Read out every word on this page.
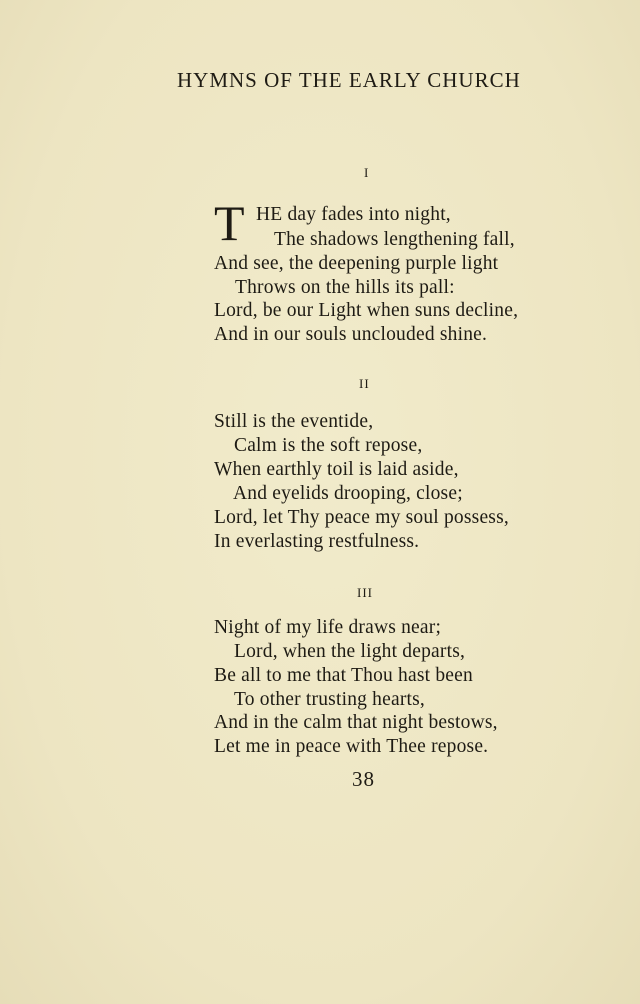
HYMNS OF THE EARLY CHURCH
I
T HE day fades into night,
The shadows lengthening fall,
And see, the deepening purple light
Throws on the hills its pall:
Lord, be our Light when suns decline,
And in our souls unclouded shine.
II
Still is the eventide,
Calm is the soft repose,
When earthly toil is laid aside,
And eyelids drooping, close;
Lord, let Thy peace my soul possess,
In everlasting restfulness.
III
Night of my life draws near;
Lord, when the light departs,
Be all to me that Thou hast been
To other trusting hearts,
And in the calm that night bestows,
Let me in peace with Thee repose.
38
